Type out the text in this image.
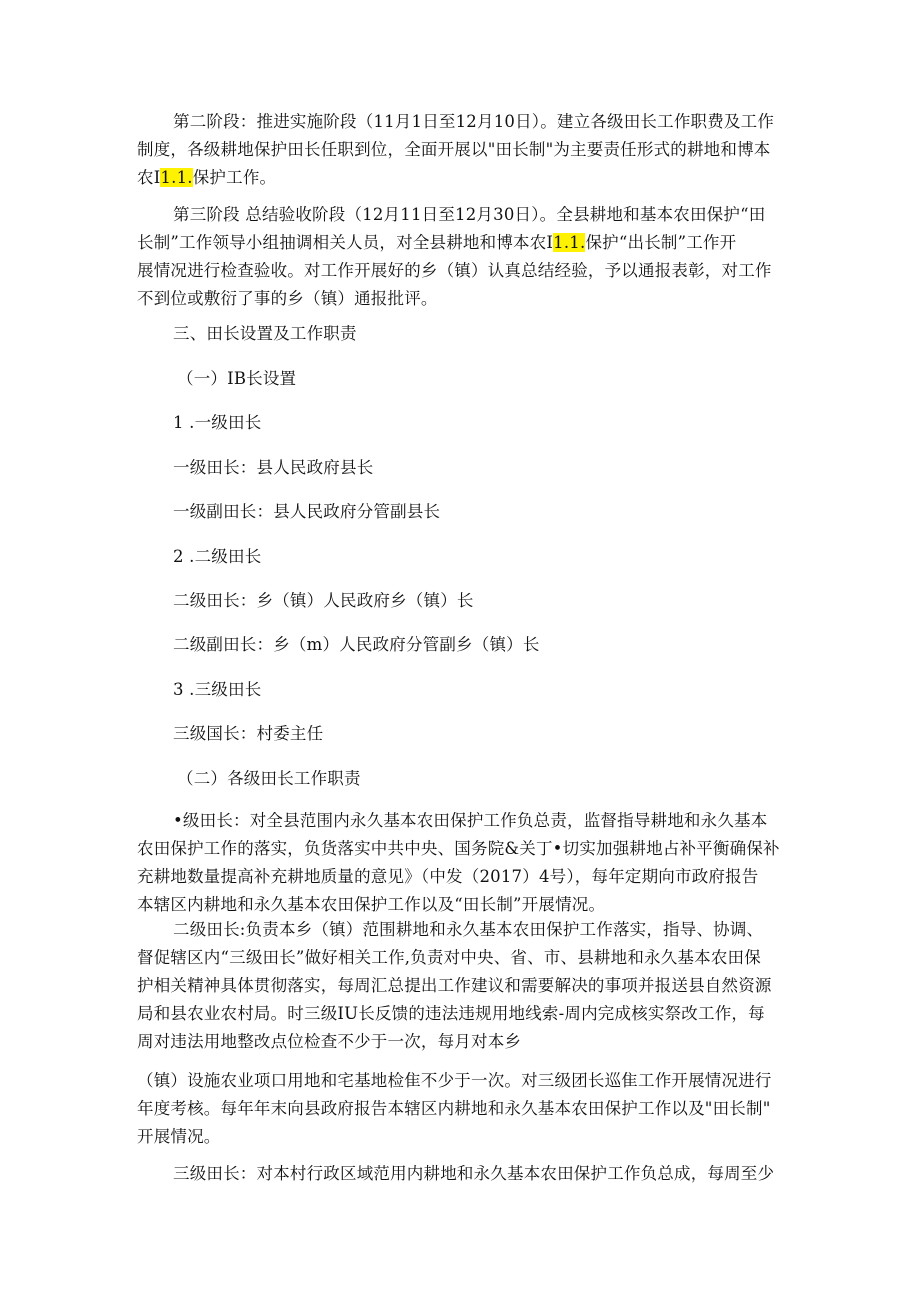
第二阶段：推进实施阶段（11月1日至12月10日）。建立各级田长工作职费及工作
制度，各级耕地保护田长任职到位，全面开展以"田长制"为主要责任形式的耕地和博本
农I1.1.保护工作。
第三阶段 总结验收阶段（12月11日至12月30日）。全县耕地和基本农田保护“田
长制”工作领导小组抽调相关人员，对全县耕地和博本农I1.1.保护“出长制”工作开
展情况进行检查验收。对工作开展好的乡（镇）认真总结经验，予以通报表彰，对工作
不到位或敷衍了事的乡（镇）通报批评。
三、田长设置及工作职责
（一）IB长设置
1 .一级田长
一级田长：县人民政府县长
一级副田长：县人民政府分管副县长
2 .二级田长
二级田长：乡（镇）人民政府乡（镇）长
二级副田长：乡（m）人民政府分管副乡（镇）长
3 .三级田长
三级国长：村委主任
（二）各级田长工作职责
•级田长：对全县范围内永久基本农田保护工作负总责，监督指导耕地和永久基本
农田保护工作的落实，负货落实中共中央、国务院&关丁•切实加强耕地占补平衡确保补
充耕地数量提高补充耕地质量的意见》（中发（2017）4号），每年定期向市政府报告
本辖区内耕地和永久基本农田保护工作以及“田长制”开展情况。
二级田长:负责本乡（镇）范围耕地和永久基本农田保护工作落实，指导、协调、
督促辖区内“三级田长”做好相关工作,负责对中央、省、市、县耕地和永久基本农田保
护相关精神具体贯彻落实，每周汇总提出工作建议和需要解决的事项并报送县自然资源
局和县农业农村局。时三级IU长反馈的违法违规用地线索-周内完成核实祭改工作，每
周对违法用地整改点位检查不少于一次，每月对本乡
（镇）设施农业项口用地和宅基地检隹不少于一次。对三级团长巡隹工作开展情况进行
年度考核。每年年末向县政府报告本辖区内耕地和永久基本农田保护工作以及"田长制"
开展情况。
三级田长：对本村行政区域范用内耕地和永久基本农田保护工作负总成，每周至少
